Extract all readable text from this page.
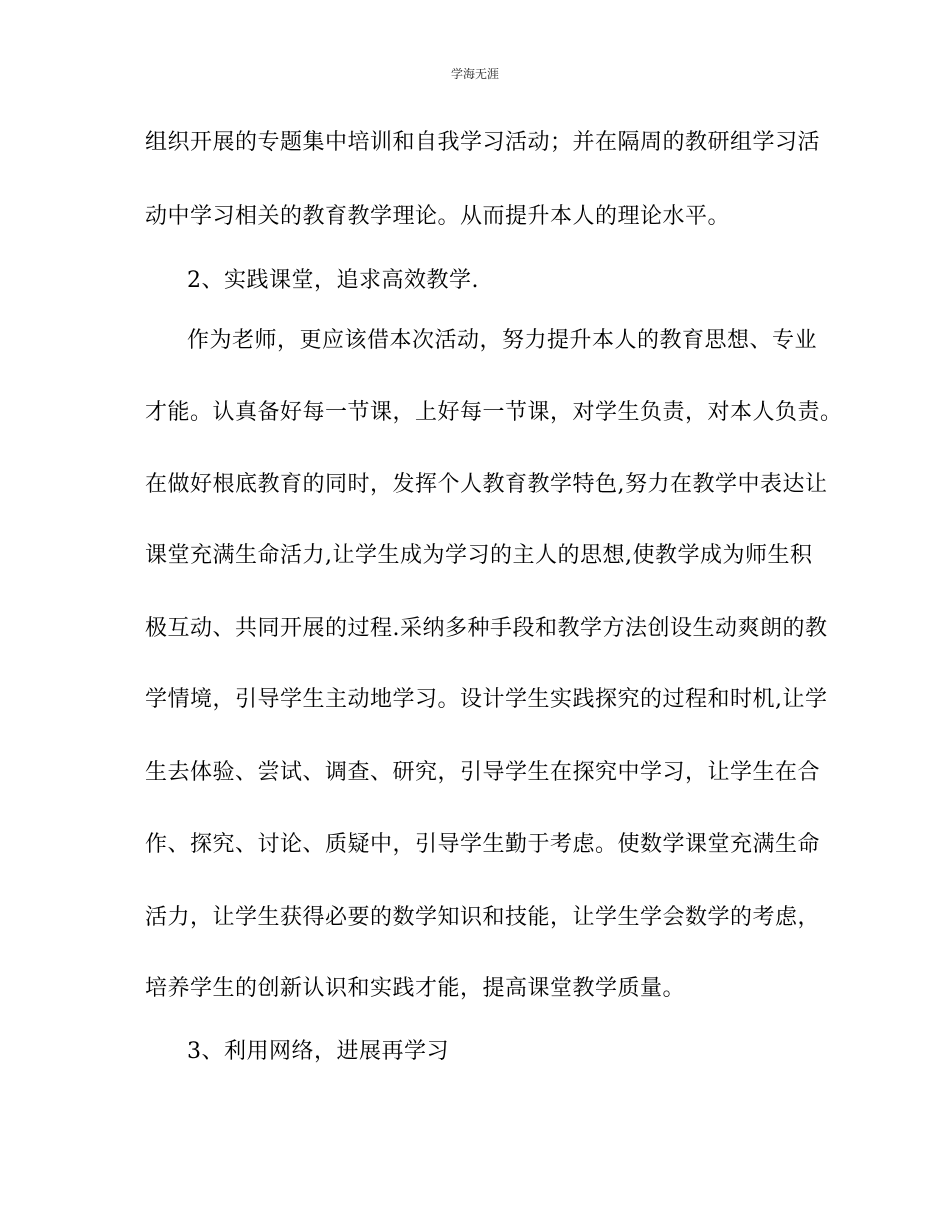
学海无涯
组织开展的专题集中培训和自我学习活动；并在隔周的教研组学习活
动中学习相关的教育教学理论。从而提升本人的理论水平。
2、实践课堂，追求高效教学.
作为老师，更应该借本次活动，努力提升本人的教育思想、专业
才能。认真备好每一节课，上好每一节课，对学生负责，对本人负责。
在做好根底教育的同时，发挥个人教育教学特色,努力在教学中表达让
课堂充满生命活力,让学生成为学习的主人的思想,使教学成为师生积
极互动、共同开展的过程.采纳多种手段和教学方法创设生动爽朗的教
学情境，引导学生主动地学习。设计学生实践探究的过程和时机,让学
生去体验、尝试、调查、研究，引导学生在探究中学习，让学生在合
作、探究、讨论、质疑中，引导学生勤于考虑。使数学课堂充满生命
活力，让学生获得必要的数学知识和技能，让学生学会数学的考虑，
培养学生的创新认识和实践才能，提高课堂教学质量。
3、利用网络，进展再学习
